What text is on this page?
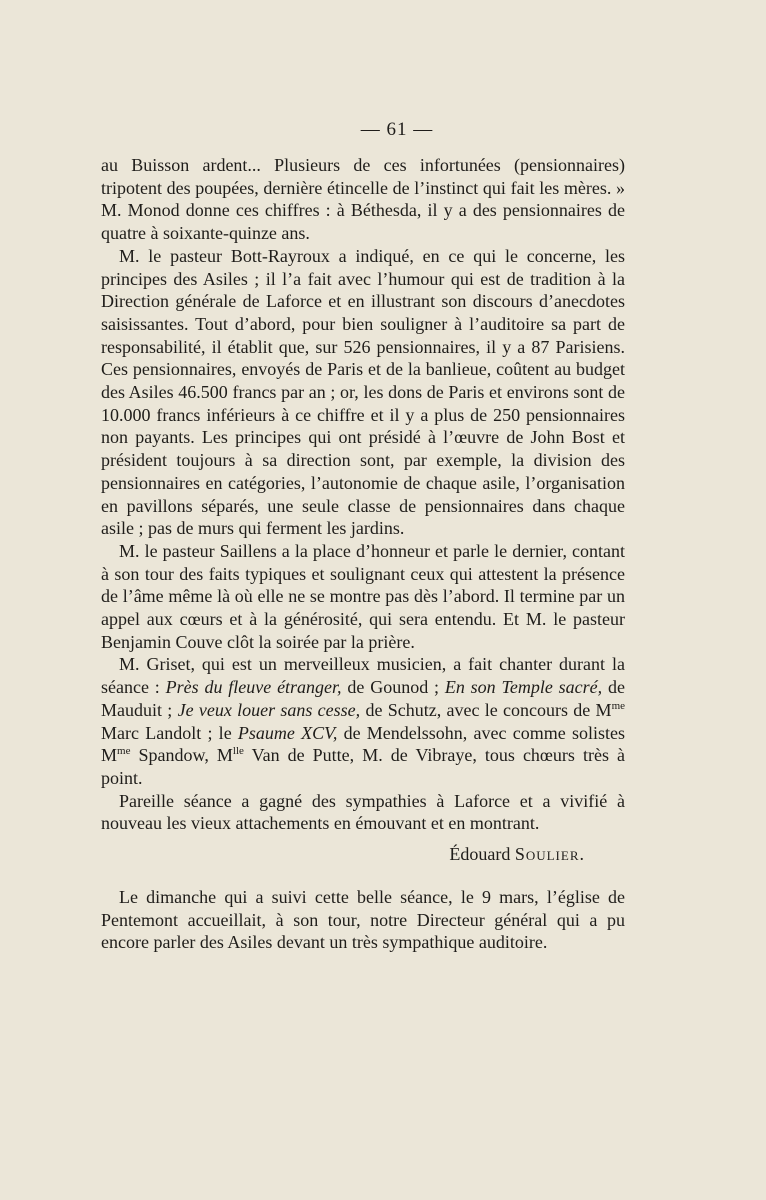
— 61 —

au Buisson ardent... Plusieurs de ces infortunées (pensionnaires) tripotent des poupées, dernière étincelle de l’instinct qui fait les mères. » M. Monod donne ces chiffres : à Béthesda, il y a des pensionnaires de quatre à soixante-quinze ans.

M. le pasteur Bott-Rayroux a indiqué, en ce qui le concerne, les principes des Asiles ; il l’a fait avec l’humour qui est de tradition à la Direction générale de Laforce et en illustrant son discours d’anecdotes saisissantes. Tout d’abord, pour bien souligner à l’auditoire sa part de responsabilité, il établit que, sur 526 pensionnaires, il y a 87 Parisiens. Ces pensionnaires, envoyés de Paris et de la banlieue, coûtent au budget des Asiles 46.500 francs par an ; or, les dons de Paris et environs sont de 10.000 francs inférieurs à ce chiffre et il y a plus de 250 pensionnaires non payants. Les principes qui ont présidé à l’œuvre de John Bost et président toujours à sa direction sont, par exemple, la division des pensionnaires en catégories, l’autonomie de chaque asile, l’organisation en pavillons séparés, une seule classe de pensionnaires dans chaque asile ; pas de murs qui ferment les jardins.

M. le pasteur Saillens a la place d’honneur et parle le dernier, contant à son tour des faits typiques et soulignant ceux qui attestent la présence de l’âme même là où elle ne se montre pas dès l’abord. Il termine par un appel aux cœurs et à la générosité, qui sera entendu. Et M. le pasteur Benjamin Couve clôt la soirée par la prière.

M. Griset, qui est un merveilleux musicien, a fait chanter durant la séance : Près du fleuve étranger, de Gounod ; En son Temple sacré, de Mauduit ; Je veux louer sans cesse, de Schutz, avec le concours de $M^{me}$ Marc Landolt ; le Psaume XCV, de Mendelssohn, avec comme solistes $M^{me}$ Spandow, $M^{lle}$ Van de Putte, M. de Vibraye, tous chœurs très à point.

Pareille séance a gagné des sympathies à Laforce et a vivifié à nouveau les vieux attachements en émouvant et en montrant.

Édouard Soulier.

Le dimanche qui a suivi cette belle séance, le 9 mars, l’église de Pentemont accueillait, à son tour, notre Directeur général qui a pu encore parler des Asiles devant un très sympathique auditoire.
